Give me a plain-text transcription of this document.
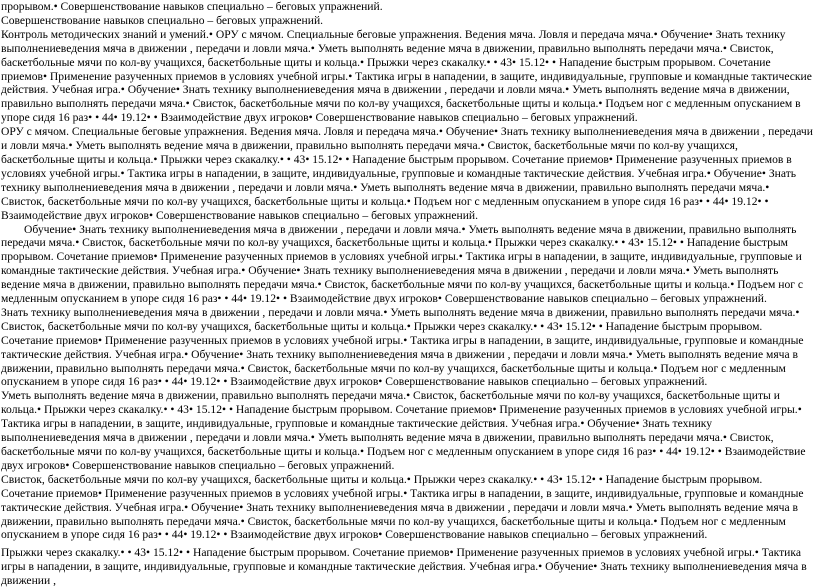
прорывом.• Совершенствование навыков специально – беговых упражнений.

Совершенствование навыков специально – беговых упражнений.

Контроль методических знаний и умений.• ОРУ с мячом. Специальные беговые упражнения. Ведения мяча. Ловля и передача мяча.• Обучение• Знать технику выполнениеведения мяча в движении , передачи и ловли мяча.• Уметь выполнять ведение мяча в движении, правильно выполнять передачи мяча.• Свисток, баскетбольные мячи по кол-ву учащихся, баскетбольные щиты и кольца.• Прыжки через скакалку.• • 43• 15.12• • Нападение быстрым прорывом. Сочетание приемов• Применение разученных приемов в условиях учебной игры.• Тактика игры в нападении, в защите, индивидуальные, групповые и командные тактические действия. Учебная игра.• Обучение• Знать технику выполнениеведения мяча в движении , передачи и ловли мяча.• Уметь выполнять ведение мяча в движении, правильно выполнять передачи мяча.• Свисток, баскетбольные мячи по кол-ву учащихся, баскетбольные щиты и кольца.• Подъем ног с медленным опусканием в упоре сидя 16 раз• • 44• 19.12• • Взаимодействие двух игроков• Совершенствование навыков специально – беговых упражнений.

ОРУ с мячом. Специальные беговые упражнения. Ведения мяча. Ловля и передача мяча.• Обучение• Знать технику выполнениеведения мяча в движении , передачи и ловли мяча.• Уметь выполнять ведение мяча в движении, правильно выполнять передачи мяча.• Свисток, баскетбольные мячи по кол-ву учащихся, баскетбольные щиты и кольца.• Прыжки через скакалку.• • 43• 15.12• • Нападение быстрым прорывом. Сочетание приемов• Применение разученных приемов в условиях учебной игры.• Тактика игры в нападении, в защите, индивидуальные, групповые и командные тактические действия. Учебная игра.• Обучение• Знать технику выполнениеведения мяча в движении , передачи и ловли мяча.• Уметь выполнять ведение мяча в движении, правильно выполнять передачи мяча.• Свисток, баскетбольные мячи по кол-ву учащихся, баскетбольные щиты и кольца.• Подъем ног с медленным опусканием в упоре сидя 16 раз• • 44• 19.12• • Взаимодействие двух игроков• Совершенствование навыков специально – беговых упражнений.

Обучение• Знать технику выполнениеведения мяча в движении , передачи и ловли мяча.• Уметь выполнять ведение мяча в движении, правильно выполнять передачи мяча.• Свисток, баскетбольные мячи по кол-ву учащихся, баскетбольные щиты и кольца.• Прыжки через скакалку.• • 43• 15.12• • Нападение быстрым прорывом. Сочетание приемов• Применение разученных приемов в условиях учебной игры.• Тактика игры в нападении, в защите, индивидуальные, групповые и командные тактические действия. Учебная игра.• Обучение• Знать технику выполнениеведения мяча в движении , передачи и ловли мяча.• Уметь выполнять ведение мяча в движении, правильно выполнять передачи мяча.• Свисток, баскетбольные мячи по кол-ву учащихся, баскетбольные щиты и кольца.• Подъем ног с медленным опусканием в упоре сидя 16 раз• • 44• 19.12• • Взаимодействие двух игроков• Совершенствование навыков специально – беговых упражнений.

Знать технику выполнениеведения мяча в движении , передачи и ловли мяча.• Уметь выполнять ведение мяча в движении, правильно выполнять передачи мяча.• Свисток, баскетбольные мячи по кол-ву учащихся, баскетбольные щиты и кольца.• Прыжки через скакалку.• • 43• 15.12• • Нападение быстрым прорывом. Сочетание приемов• Применение разученных приемов в условиях учебной игры.• Тактика игры в нападении, в защите, индивидуальные, групповые и командные тактические действия. Учебная игра.• Обучение• Знать технику выполнениеведения мяча в движении , передачи и ловли мяча.• Уметь выполнять ведение мяча в движении, правильно выполнять передачи мяча.• Свисток, баскетбольные мячи по кол-ву учащихся, баскетбольные щиты и кольца.• Подъем ног с медленным опусканием в упоре сидя 16 раз• • 44• 19.12• • Взаимодействие двух игроков• Совершенствование навыков специально – беговых упражнений.

Уметь выполнять ведение мяча в движении, правильно выполнять передачи мяча.• Свисток, баскетбольные мячи по кол-ву учащихся, баскетбольные щиты и кольца.• Прыжки через скакалку.• • 43• 15.12• • Нападение быстрым прорывом. Сочетание приемов• Применение разученных приемов в условиях учебной игры.• Тактика игры в нападении, в защите, индивидуальные, групповые и командные тактические действия. Учебная игра.• Обучение• Знать технику выполнениеведения мяча в движении , передачи и ловли мяча.• Уметь выполнять ведение мяча в движении, правильно выполнять передачи мяча.• Свисток, баскетбольные мячи по кол-ву учащихся, баскетбольные щиты и кольца.• Подъем ног с медленным опусканием в упоре сидя 16 раз• • 44• 19.12• • Взаимодействие двух игроков• Совершенствование навыков специально – беговых упражнений.

Свисток, баскетбольные мячи по кол-ву учащихся, баскетбольные щиты и кольца.• Прыжки через скакалку.• • 43• 15.12• • Нападение быстрым прорывом. Сочетание приемов• Применение разученных приемов в условиях учебной игры.• Тактика игры в нападении, в защите, индивидуальные, групповые и командные тактические действия. Учебная игра.• Обучение• Знать технику выполнениеведения мяча в движении , передачи и ловли мяча.• Уметь выполнять ведение мяча в движении, правильно выполнять передачи мяча.• Свисток, баскетбольные мячи по кол-ву учащихся, баскетбольные щиты и кольца.• Подъем ног с медленным опусканием в упоре сидя 16 раз• • 44• 19.12• • Взаимодействие двух игроков• Совершенствование навыков специально – беговых упражнений.

Прыжки через скакалку.• • 43• 15.12• • Нападение быстрым прорывом. Сочетание приемов• Применение разученных приемов в условиях учебной игры.• Тактика игры в нападении, в защите, индивидуальные, групповые и командные тактические действия. Учебная игра.• Обучение• Знать технику выполнениеведения мяча в движении ,
